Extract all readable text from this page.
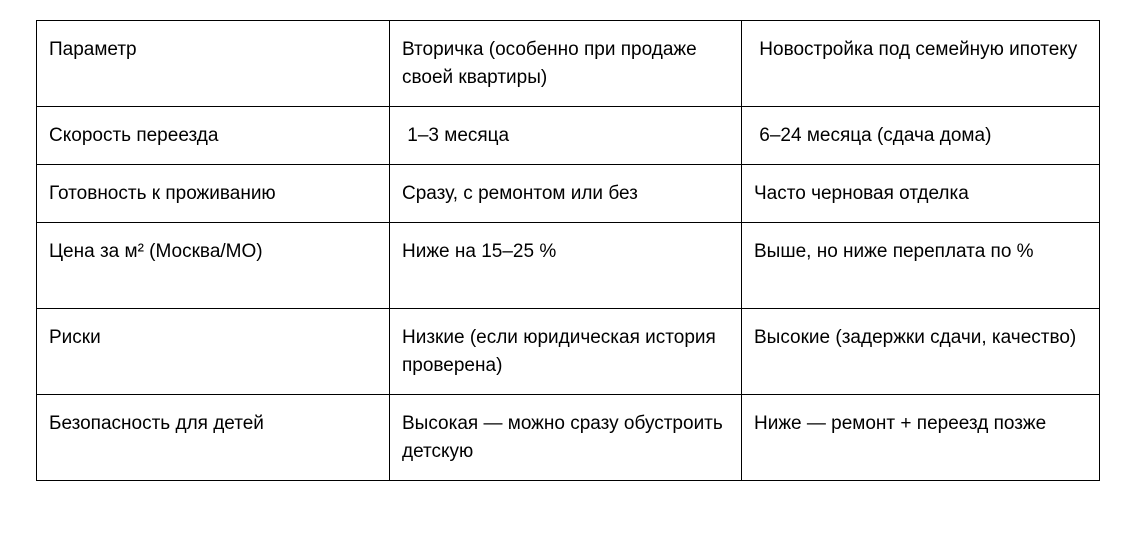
Параметр	Вторичка (особенно при продаже своей квартиры)	Новостройка под семейную ипотеку
Скорость переезда	1–3 месяца	6–24 месяца (сдача дома)
Готовность к проживанию	Сразу, с ремонтом или без	Часто черновая отделка
Цена за м² (Москва/МО)	Ниже на 15–25 %	Выше, но ниже переплата по %
Риски	Низкие (если юридическая история проверена)	Высокие (задержки сдачи, качество)
Безопасность для детей	Высокая — можно сразу обустроить детскую	Ниже — ремонт + переезд позже
